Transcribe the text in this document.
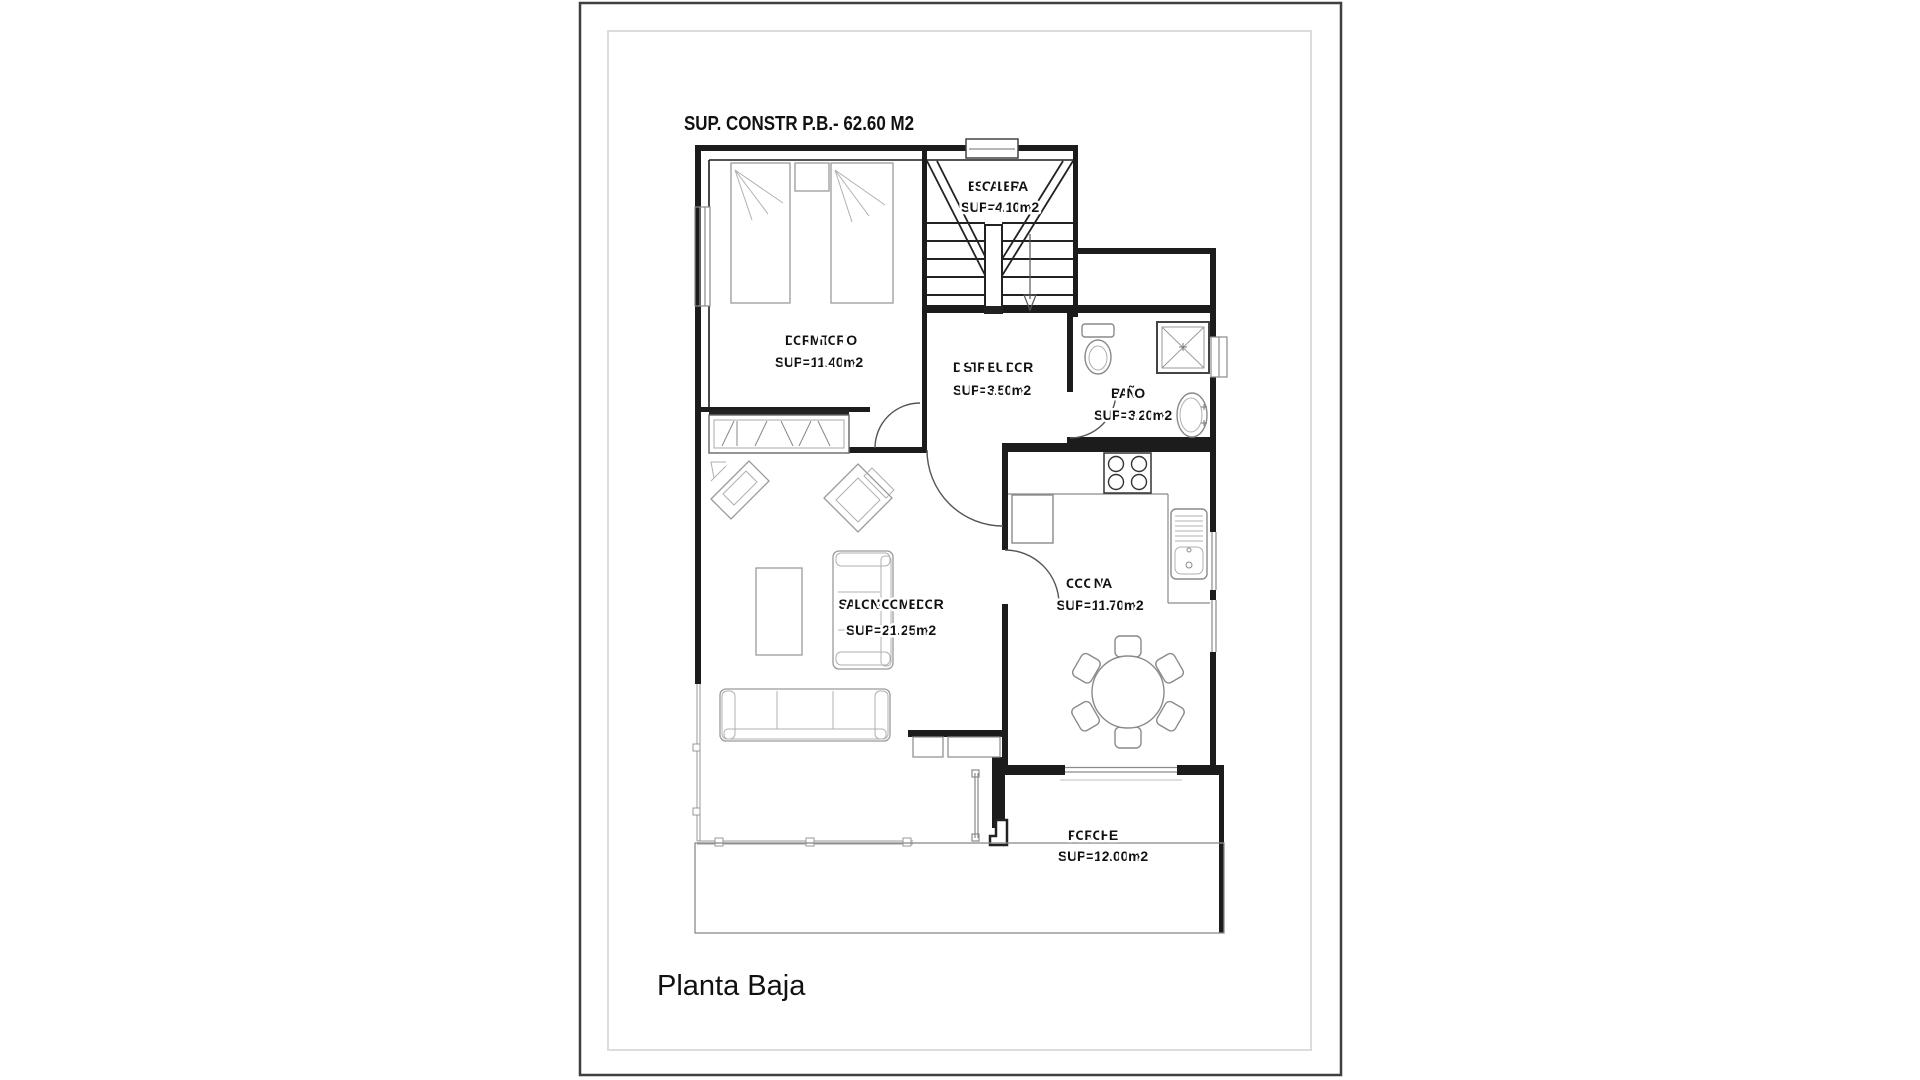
SUP. CONSTR P.B.- 62.60 M2
DORMITORIO
SUP=11.40m2
ESCALERA
SUP=4.10m2
DISTRIBUIDOR
SUP=3.50m2	BAÑO
SUP=3.20m2
SALON-COMEDOR
SUP=21.25m2
COCINA
SUP=11.70m2
PORCHE
SUP=12.00m2
Planta Baja
